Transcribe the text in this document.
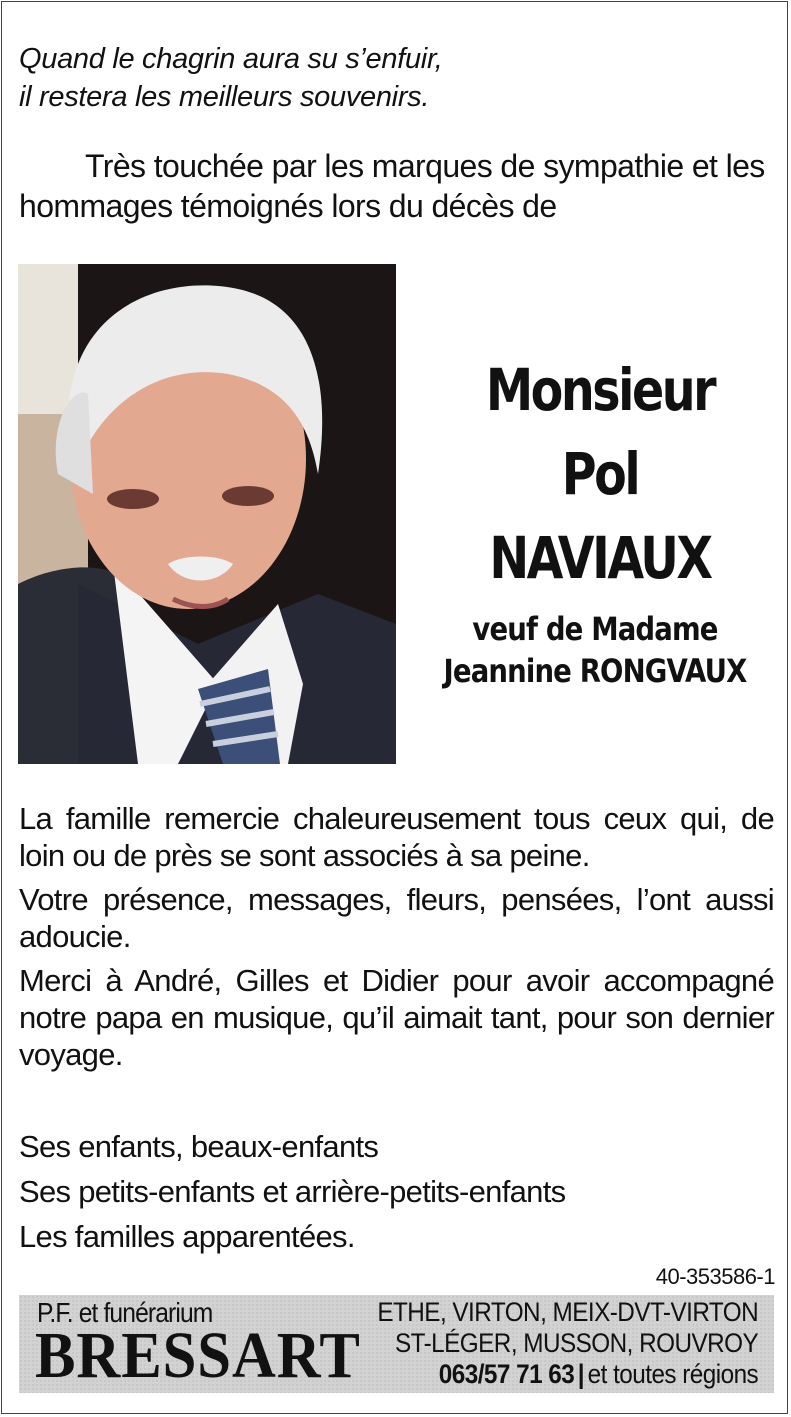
Quand le chagrin aura su s’enfuir,
il restera les meilleurs souvenirs.
Très touchée par les marques de sympathie et les hommages témoignés lors du décès de
Monsieur
Pol
NAVIAUX
veuf de Madame
Jeannine RONGVAUX

La famille remercie chaleureusement tous ceux qui, de loin ou de près se sont associés à sa peine.

Votre présence, messages, fleurs, pensées, l’ont aussi adoucie.

Merci à André, Gilles et Didier pour avoir accompagné notre papa en musique, qu’il aimait tant, pour son dernier voyage.

Ses enfants, beaux-enfants
Ses petits-enfants et arrière-petits-enfants
Les familles apparentées.
40-353586-1
P.F. et funérarium
BRESSART
ETHE, VIRTON, MEIX-DVT-VIRTON
ST-LÉGER, MUSSON, ROUVROY
063/57 71 63 | et toutes régions
